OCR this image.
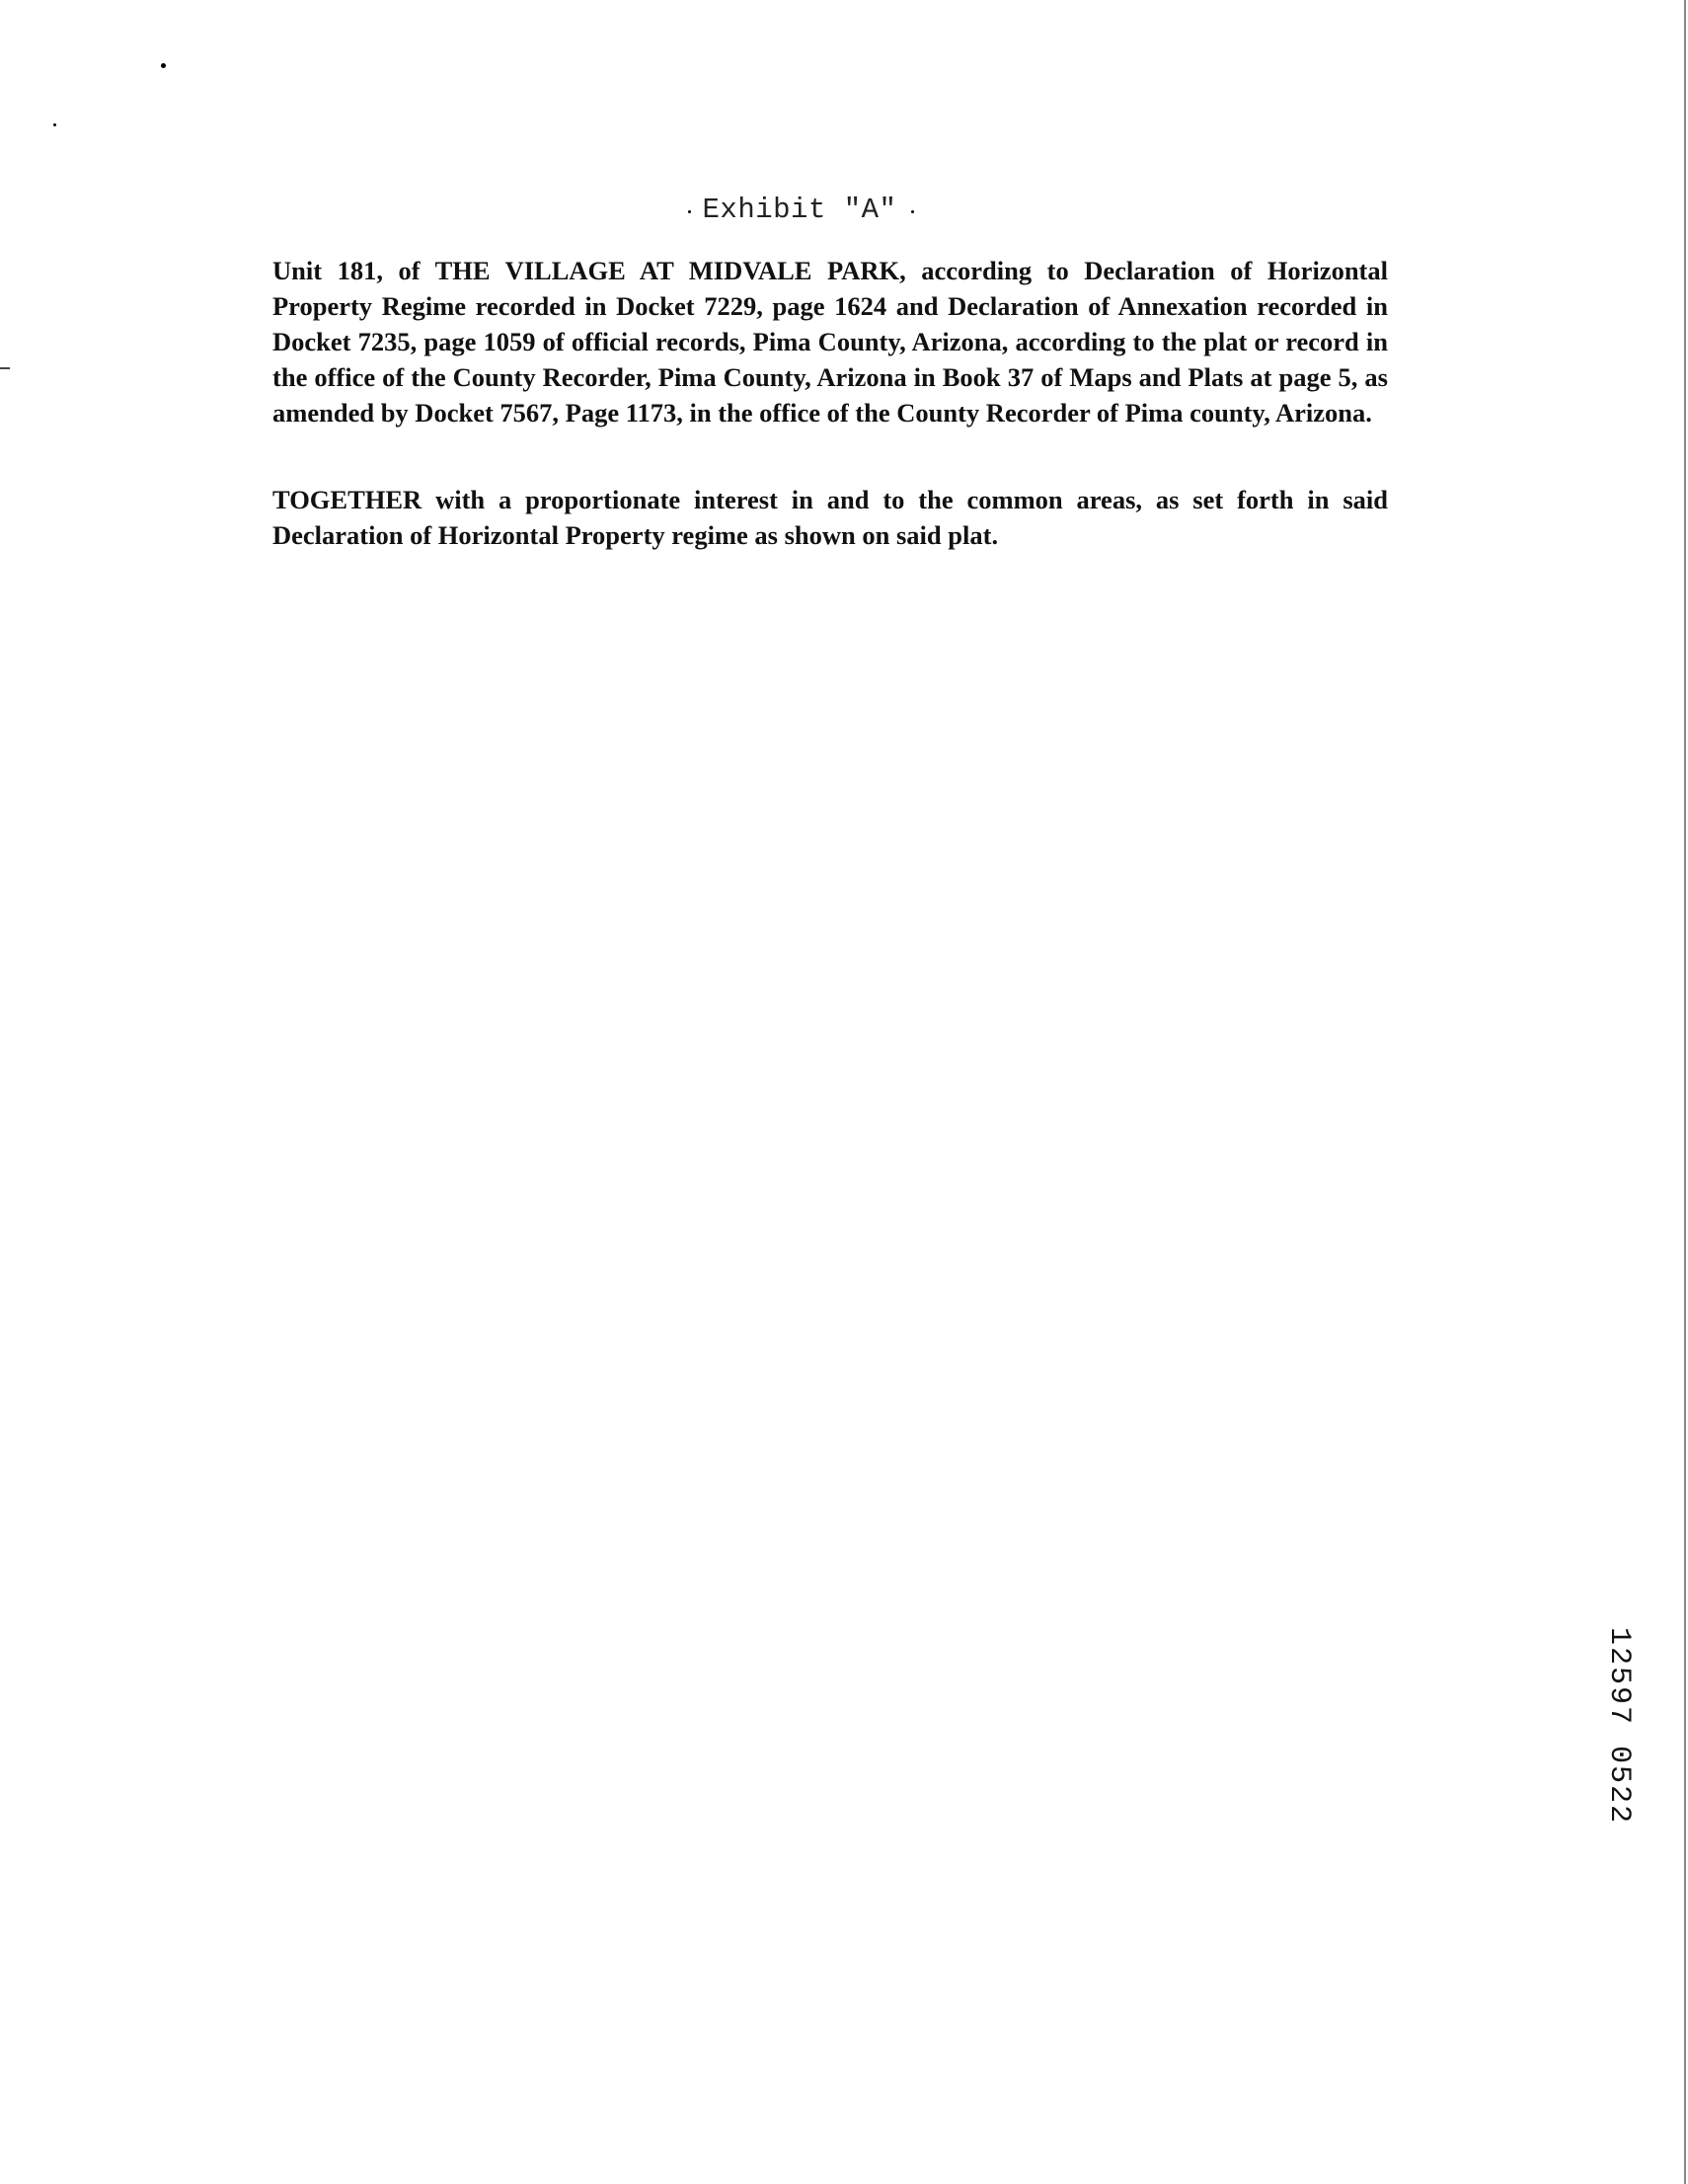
Exhibit "A"

Unit 181, of THE VILLAGE AT MIDVALE PARK, according to Declaration of Horizontal Property Regime recorded in Docket 7229, page 1624 and Declaration of Annexation recorded in Docket 7235, page 1059 of official records, Pima County, Arizona, according to the plat or record in the office of the County Recorder, Pima County, Arizona in Book 37 of Maps and Plats at page 5, as amended by Docket 7567, Page 1173, in the office of the County Recorder of Pima county, Arizona.

TOGETHER with a proportionate interest in and to the common areas, as set forth in said Declaration of Horizontal Property regime as shown on said plat.

12597 0522
